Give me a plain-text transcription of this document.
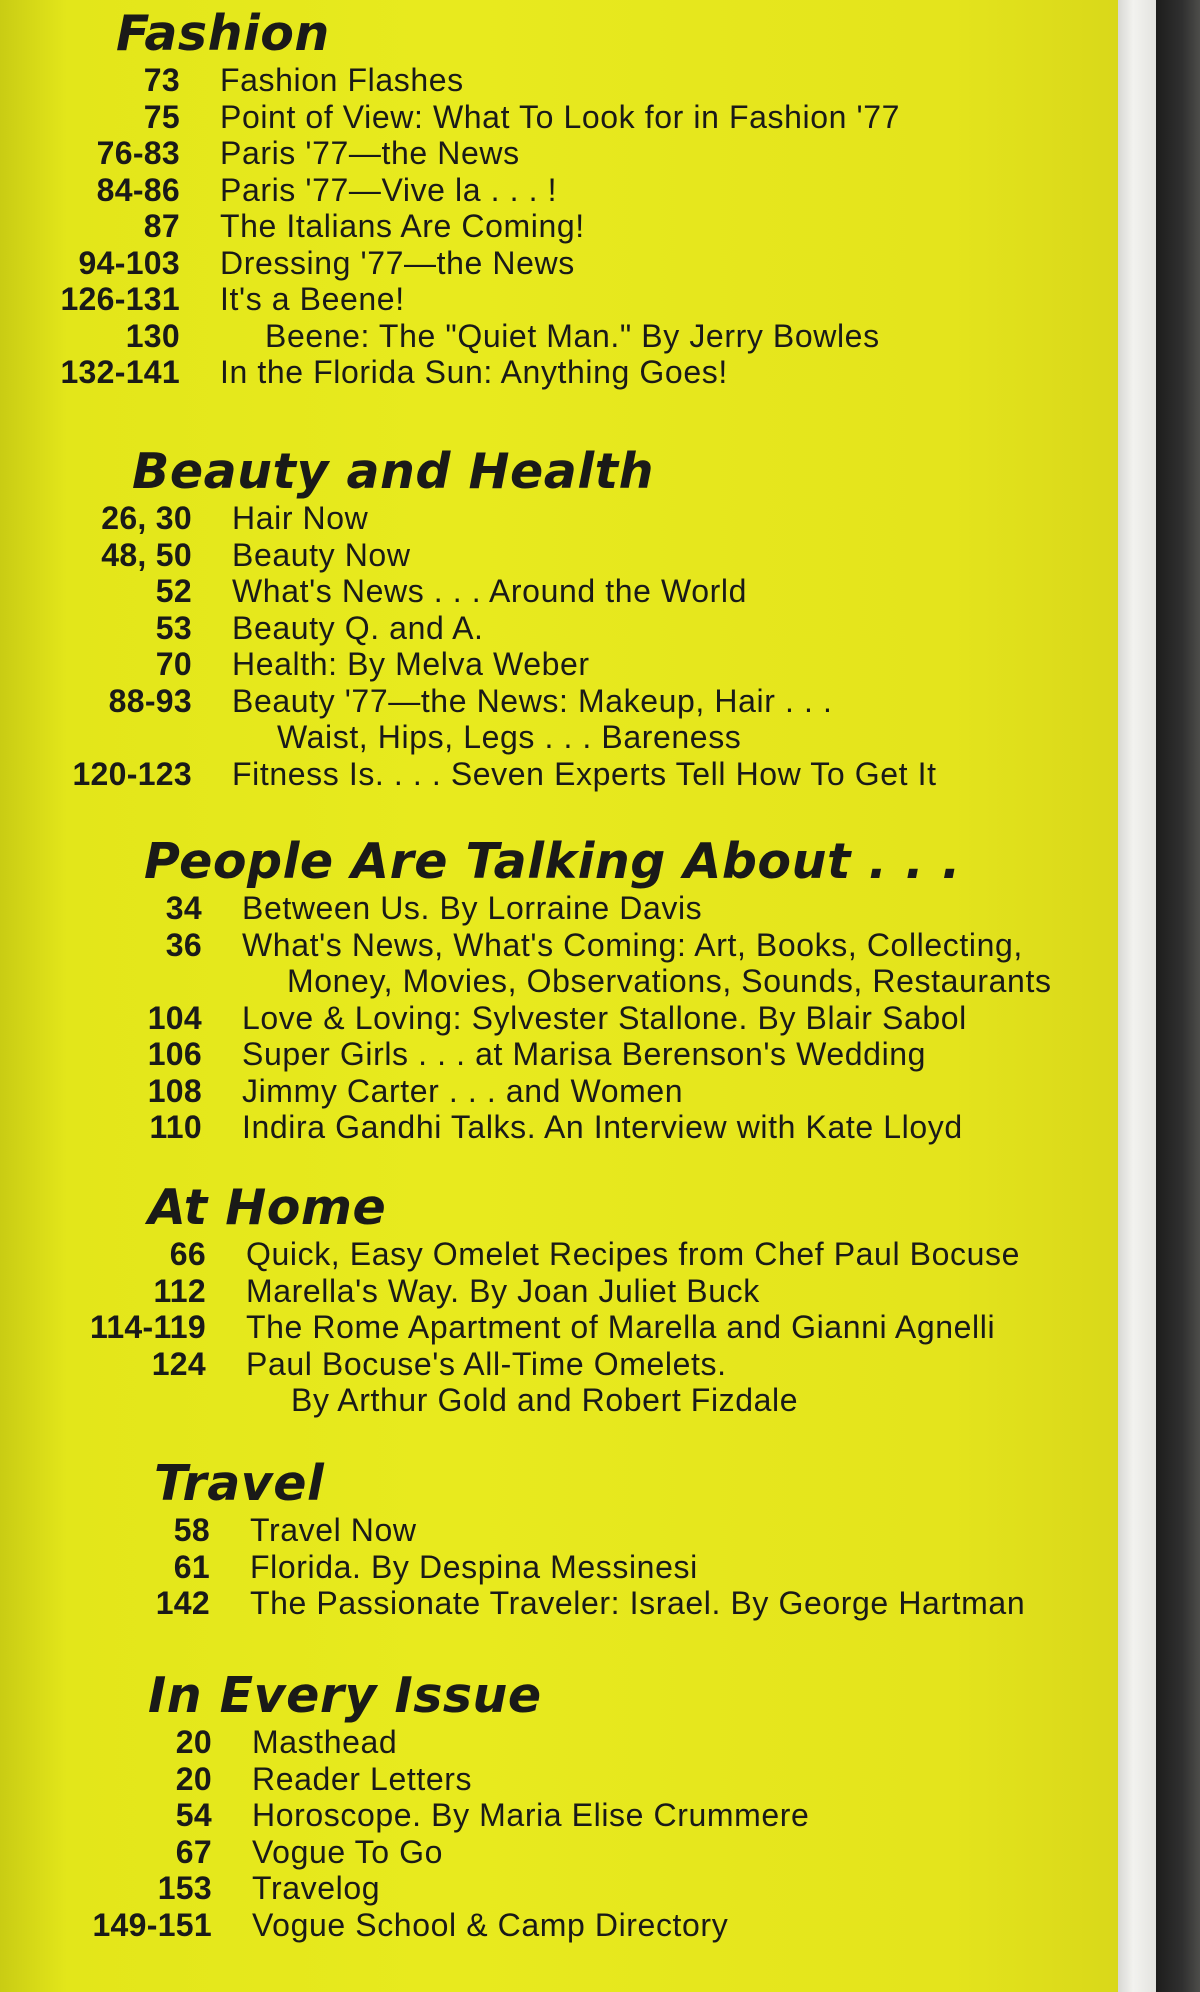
Fashion
73 Fashion Flashes
75 Point of View: What To Look for in Fashion '77
76-83 Paris '77—the News
84-86 Paris '77—Vive la . . . !
87 The Italians Are Coming!
94-103 Dressing '77—the News
126-131 It's a Beene!
130	Beene: The "Quiet Man." By Jerry Bowles
132-141 In the Florida Sun: Anything Goes!
Beauty and Health
26, 30 Hair Now
48, 50 Beauty Now
52 What's News . . . Around the World
53 Beauty Q. and A.
70 Health: By Melva Weber
88-93 Beauty '77—the News: Makeup, Hair . . .
Waist, Hips, Legs . . . Bareness
120-123 Fitness Is. . . . Seven Experts Tell How To Get It
People Are Talking About . . .
34 Between Us. By Lorraine Davis
36 What's News, What's Coming: Art, Books, Collecting,
Money, Movies, Observations, Sounds, Restaurants
104 Love & Loving: Sylvester Stallone. By Blair Sabol
106 Super Girls . . . at Marisa Berenson's Wedding
108 Jimmy Carter . . . and Women
110 Indira Gandhi Talks. An Interview with Kate Lloyd
At Home
66 Quick, Easy Omelet Recipes from Chef Paul Bocuse
112 Marella's Way. By Joan Juliet Buck
114-119 The Rome Apartment of Marella and Gianni Agnelli
124 Paul Bocuse's All-Time Omelets.
By Arthur Gold and Robert Fizdale
Travel
58 Travel Now
61 Florida. By Despina Messinesi
142 The Passionate Traveler: Israel. By George Hartman
In Every Issue
20 Masthead
20 Reader Letters
54 Horoscope. By Maria Elise Crummere
67 Vogue To Go
153 Travelog
149-151 Vogue School & Camp Directory
